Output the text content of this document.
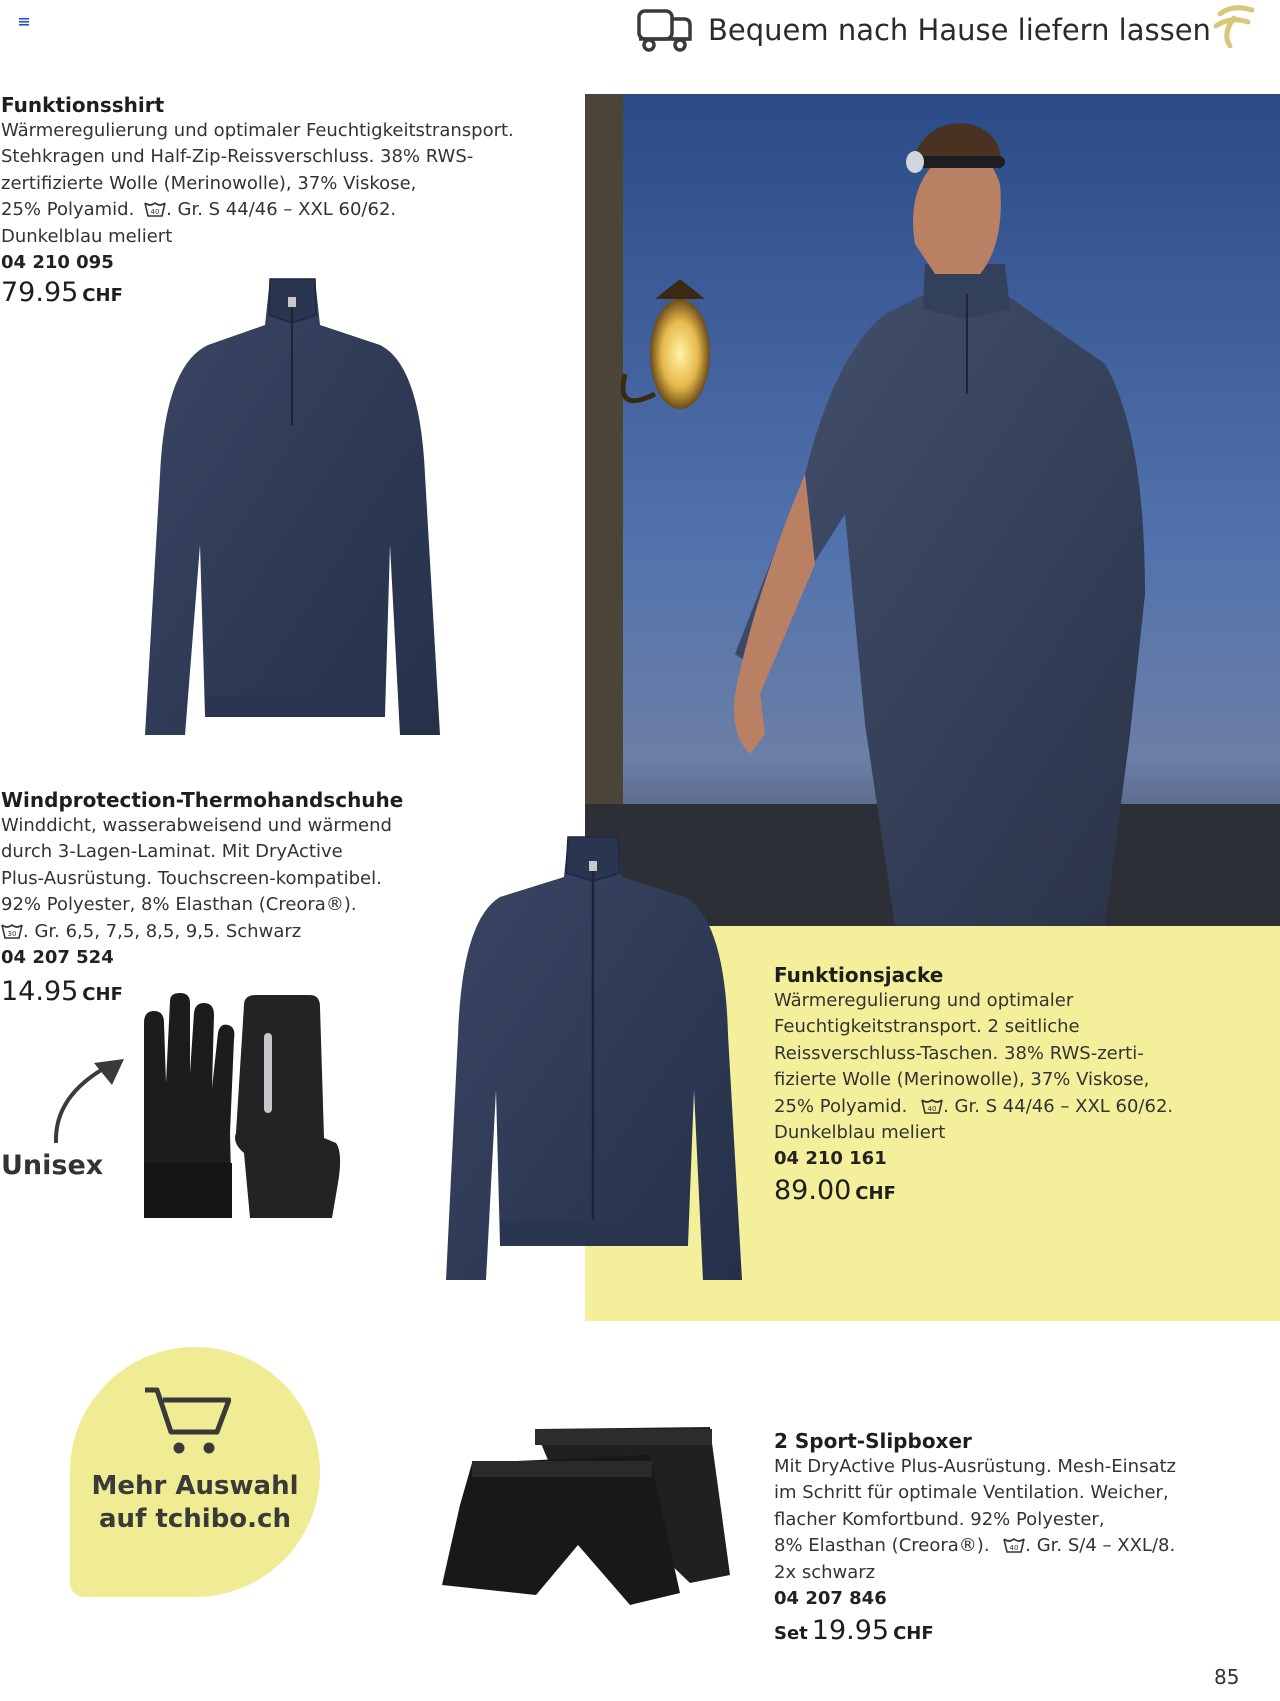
Bequem nach Hause liefern lassen
Funktionsshirt
Wärmeregulierung und optimaler Feuchtigkeitstransport.
Stehkragen und Half-Zip-Reissverschluss. 38% RWS-
zertifizierte Wolle (Merinowolle), 37% Viskose,
25% Polyamid. 40 . Gr. S 44/46 – XXL 60/62.
Dunkelblau meliert
04 210 095
79.95 CHF
Funktionsjacke
Wärmeregulierung und optimaler
Feuchtigkeitstransport. 2 seitliche
Reissverschluss-Taschen. 38% RWS-zerti-
fizierte Wolle (Merinowolle), 37% Viskose,
25% Polyamid.	40 . Gr. S 44/46 – XXL 60/62.
Dunkelblau meliert
04 210 161
89.00 CHF
Windprotection-Thermohandschuhe
Winddicht, wasserabweisend und wärmend
durch 3-Lagen-Laminat. Mit DryActive
Plus-Ausrüstung. Touchscreen-kompatibel.
92% Polyester, 8% Elasthan (Creora®).
30 . Gr. 6,5, 7,5, 8,5, 9,5. Schwarz
04 207 524
14.95 CHF
Unisex
Mehr Auswahl
auf tchibo.ch
2 Sport-Slipboxer
Mit DryActive Plus-Ausrüstung. Mesh-Einsatz
im Schritt für optimale Ventilation. Weicher,
flacher Komfortbund. 92% Polyester,
8% Elasthan (Creora®).	40 . Gr. S/4 – XXL/8.
2x schwarz
04 207 846
Set 19.95 CHF
85
